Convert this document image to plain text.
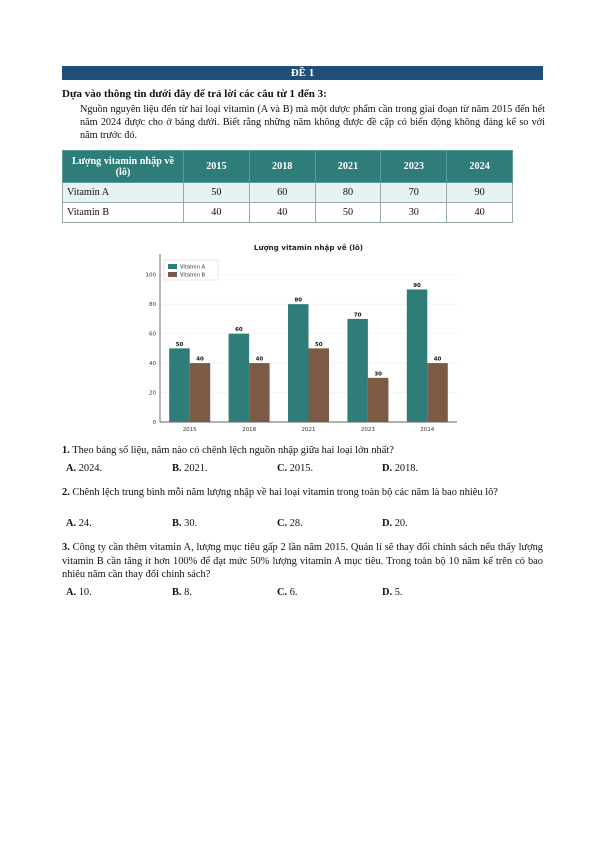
ĐỀ 1
Dựa vào thông tin dưới đây để trả lời các câu từ 1 đến 3:
Nguồn nguyên liệu đến từ hai loại vitamin (A và B) mà một dược phẩm cần trong giai đoạn từ năm 2015 đến hết năm 2024 được cho ở bảng dưới. Biết rằng những năm không được đề cập có biến động không đáng kể so với năm trước đó.
Lượng vitamin nhập về (lô)	2015	2018	2021	2023	2024
Vitamin A	50	60	80	70	90
Vitamin B	40	40	50	30	40
Lượng vitamin nhập về (lô)
0
20
40
60
80
100
50
40
2015
60
40
2018
80
50
2021
70
30
2023
90
40
2024
Vitamin A
Vitamin B
1. Theo bảng số liệu, năm nào có chênh lệch nguồn nhập giữa hai loại lớn nhất?
A. 2024.	B. 2021.	C. 2015.	D. 2018.
2. Chênh lệch trung bình mỗi năm lượng nhập về hai loại vitamin trong toàn bộ các năm là bao nhiêu lô?
A. 24.	B. 30.	C. 28.	D. 20.
3. Công ty cần thêm vitamin A, lượng mục tiêu gấp 2 lần năm 2015. Quản lí sẽ thay đổi chính sách nếu thấy lượng vitamin B cần tăng ít hơn 100% để đạt mức 50% lượng vitamin A mục tiêu. Trong toàn bộ 10 năm kể trên có bao nhiêu năm cần thay đổi chính sách?
A. 10.	B. 8.	C. 6.	D. 5.
